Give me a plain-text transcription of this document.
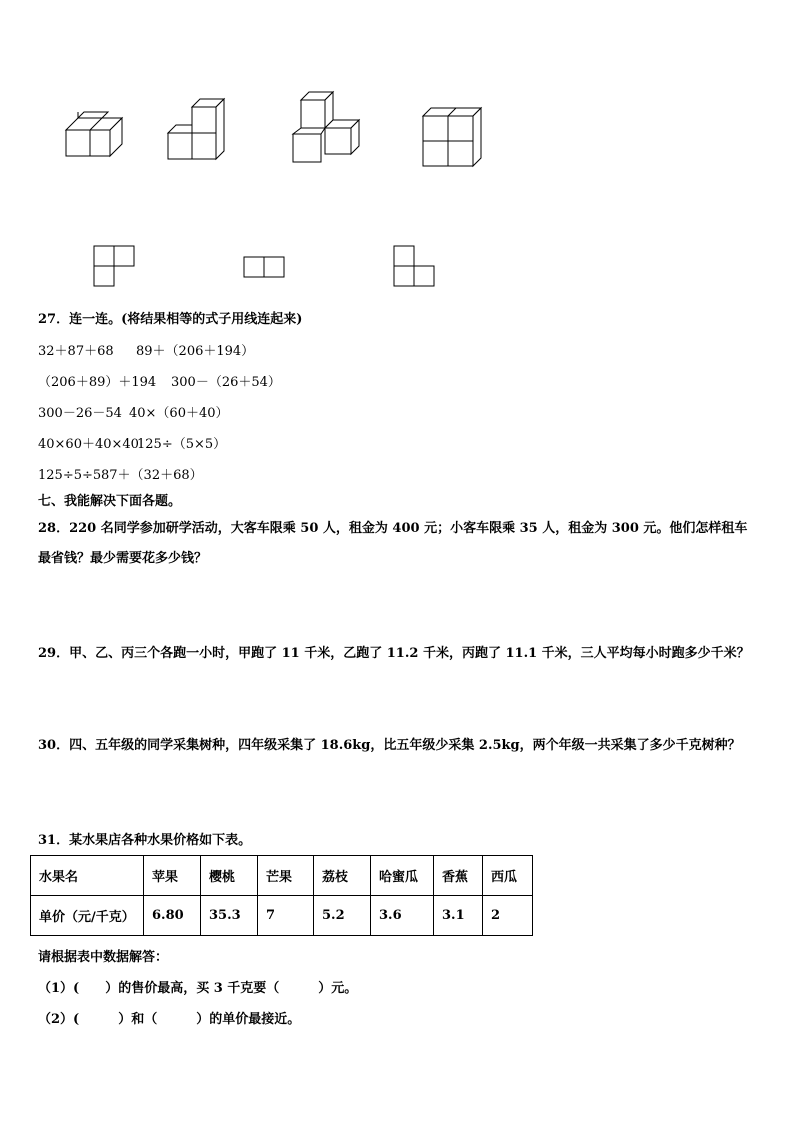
27．连一连。(将结果相等的式子用线连起来)
32＋87＋68 89＋（206＋194）
（206＋89）＋194 300－（26＋54）
300－26－54 40×（60＋40）
40×60＋40×40
125÷（5×5）
125÷5÷5 87＋（32＋68）
七、我能解决下面各题。
28．220 名同学参加研学活动，大客车限乘 50 人，租金为 400 元；小客车限乘 35 人，租金为 300 元。他们怎样租车
最省钱？最少需要花多少钱？
29．甲、乙、丙三个各跑一小时，甲跑了 11 千米，乙跑了 11.2 千米，丙跑了 11.1 千米，三人平均每小时跑多少千米？
30．四、五年级的同学采集树种，四年级采集了 18.6kg，比五年级少采集 2.5kg，两个年级一共采集了多少千克树种？
31．某水果店各种水果价格如下表。
水果名	苹果	樱桃	芒果	荔枝	哈蜜瓜	香蕉	西瓜
单价（元/千克）	6.80	35.3	7	5.2	3.6	3.1	2
请根据表中数据解答：
（1）(　　）的售价最高，买 3 千克要（　　　）元。
（2）(　　　）和（　　　）的单价最接近。
